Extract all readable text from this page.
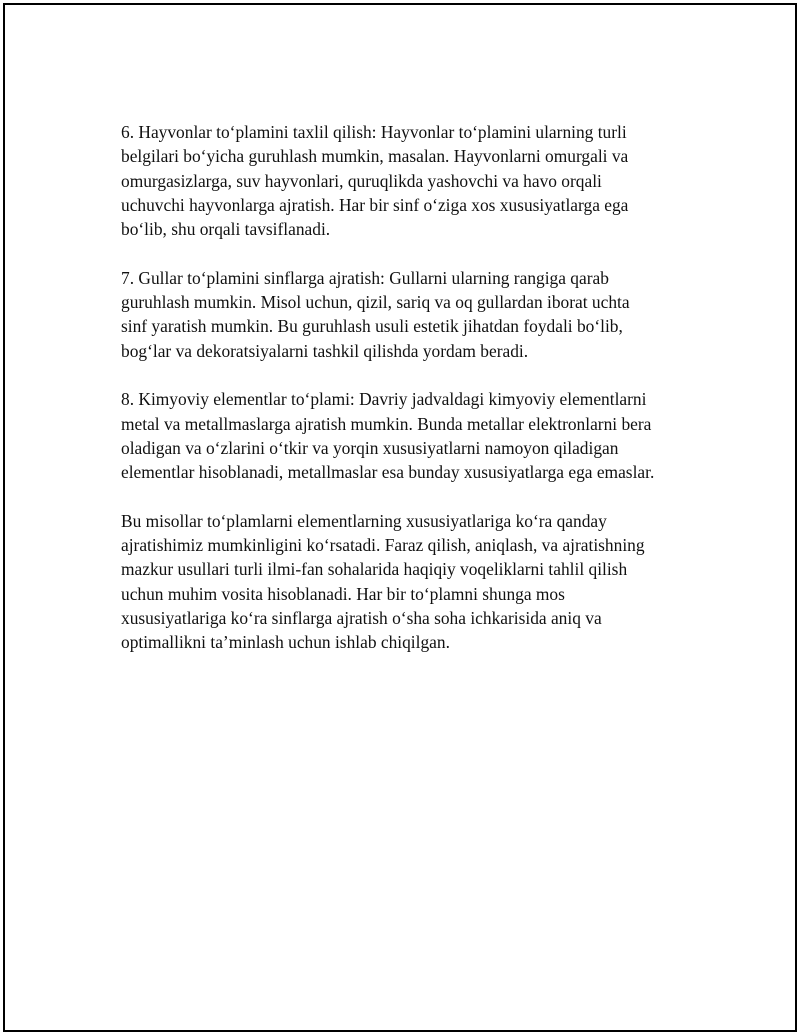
6. Hayvonlar to‘plamini taxlil qilish: Hayvonlar to‘plamini ularning turli
belgilari bo‘yicha guruhlash mumkin, masalan. Hayvonlarni omurgali va
omurgasizlarga, suv hayvonlari, quruqlikda yashovchi va havo orqali
uchuvchi hayvonlarga ajratish. Har bir sinf o‘ziga xos xususiyatlarga ega
bo‘lib, shu orqali tavsiflanadi.

7. Gullar to‘plamini sinflarga ajratish: Gullarni ularning rangiga qarab
guruhlash mumkin. Misol uchun, qizil, sariq va oq gullardan iborat uchta
sinf yaratish mumkin. Bu guruhlash usuli estetik jihatdan foydali bo‘lib,
bog‘lar va dekoratsiyalarni tashkil qilishda yordam beradi.

8. Kimyoviy elementlar to‘plami: Davriy jadvaldagi kimyoviy elementlarni
metal va metallmaslarga ajratish mumkin. Bunda metallar elektronlarni bera
oladigan va o‘zlarini o‘tkir va yorqin xususiyatlarni namoyon qiladigan
elementlar hisoblanadi, metallmaslar esa bunday xususiyatlarga ega emaslar.

Bu misollar to‘plamlarni elementlarning xususiyatlariga ko‘ra qanday
ajratishimiz mumkinligini ko‘rsatadi. Faraz qilish, aniqlash, va ajratishning
mazkur usullari turli ilmi-fan sohalarida haqiqiy voqeliklarni tahlil qilish
uchun muhim vosita hisoblanadi. Har bir to‘plamni shunga mos
xususiyatlariga ko‘ra sinflarga ajratish o‘sha soha ichkarisida aniq va
optimallikni ta’minlash uchun ishlab chiqilgan.
